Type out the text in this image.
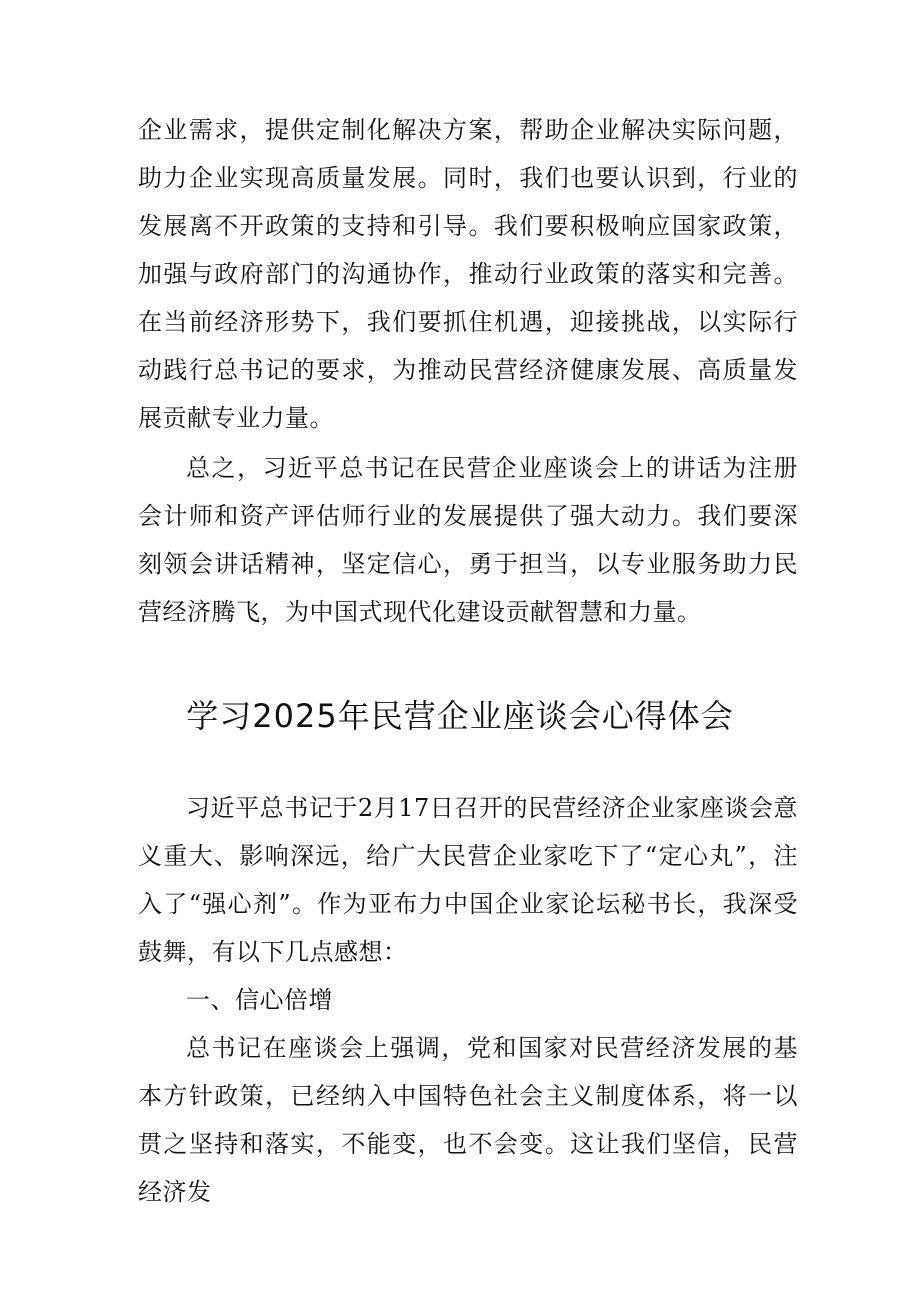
企业需求，提供定制化解决方案，帮助企业解决实际问题，助力企业实现高质量发展。同时，我们也要认识到，行业的发展离不开政策的支持和引导。我们要积极响应国家政策，加强与政府部门的沟通协作，推动行业政策的落实和完善。在当前经济形势下，我们要抓住机遇，迎接挑战，以实际行动践行总书记的要求，为推动民营经济健康发展、高质量发展贡献专业力量。

总之，习近平总书记在民营企业座谈会上的讲话为注册会计师和资产评估师行业的发展提供了强大动力。我们要深刻领会讲话精神，坚定信心，勇于担当，以专业服务助力民营经济腾飞，为中国式现代化建设贡献智慧和力量。

学习2025年民营企业座谈会心得体会

习近平总书记于2月17日召开的民营经济企业家座谈会意义重大、影响深远，给广大民营企业家吃下了“定心丸”，注入了“强心剂”。作为亚布力中国企业家论坛秘书长，我深受鼓舞，有以下几点感想：

一、信心倍增

总书记在座谈会上强调，党和国家对民营经济发展的基本方针政策，已经纳入中国特色社会主义制度体系，将一以贯之坚持和落实，不能变，也不会变。这让我们坚信，民营经济发
